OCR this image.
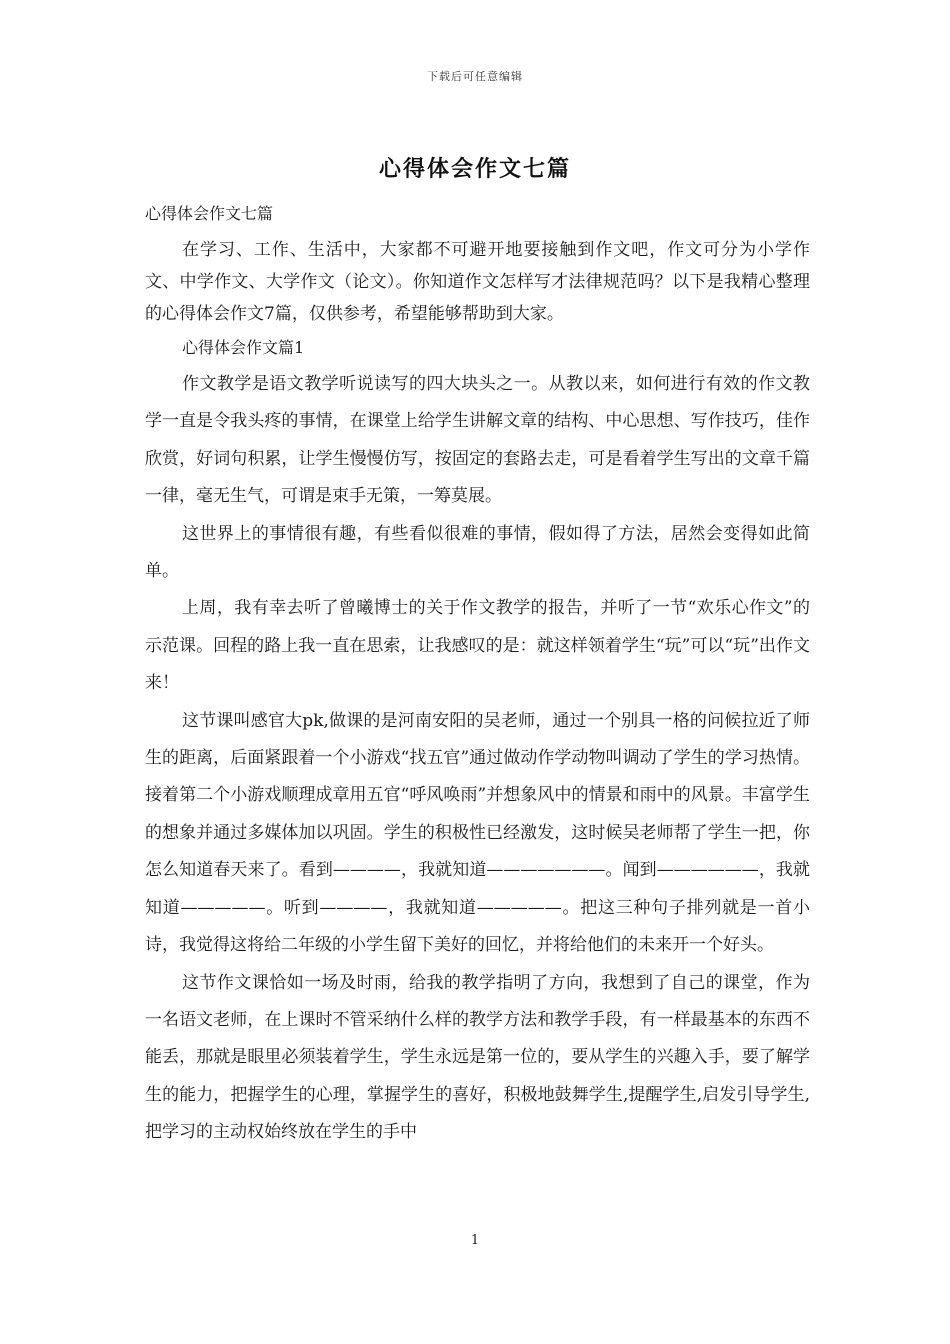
下载后可任意编辑
心得体会作文七篇

心得体会作文七篇

在学习、工作、生活中，大家都不可避开地要接触到作文吧，作文可分为小学作文、中学作文、大学作文（论文）。你知道作文怎样写才法律规范吗？以下是我精心整理的心得体会作文7篇，仅供参考，希望能够帮助到大家。

心得体会作文篇1

作文教学是语文教学听说读写的四大块头之一。从教以来，如何进行有效的作文教学一直是令我头疼的事情，在课堂上给学生讲解文章的结构、中心思想、写作技巧，佳作欣赏，好词句积累，让学生慢慢仿写，按固定的套路去走，可是看着学生写出的文章千篇一律，毫无生气，可谓是束手无策，一筹莫展。

这世界上的事情很有趣，有些看似很难的事情，假如得了方法，居然会变得如此简单。

上周，我有幸去听了曾曦博士的关于作文教学的报告，并听了一节“欢乐心作文”的示范课。回程的路上我一直在思索，让我感叹的是：就这样领着学生“玩”可以“玩”出作文来！

这节课叫感官大pk,做课的是河南安阳的吴老师，通过一个别具一格的问候拉近了师生的距离，后面紧跟着一个小游戏“找五官”通过做动作学动物叫调动了学生的学习热情。接着第二个小游戏顺理成章用五官“呼风唤雨”并想象风中的情景和雨中的风景。丰富学生的想象并通过多媒体加以巩固。学生的积极性已经激发，这时候吴老师帮了学生一把，你怎么知道春天来了。看到————，我就知道———————。闻到——————，我就知道—————。听到————，我就知道—————。把这三种句子排列就是一首小诗，我觉得这将给二年级的小学生留下美好的回忆，并将给他们的未来开一个好头。

这节作文课恰如一场及时雨，给我的教学指明了方向，我想到了自己的课堂，作为一名语文老师，在上课时不管采纳什么样的教学方法和教学手段，有一样最基本的东西不能丢，那就是眼里必须装着学生，学生永远是第一位的，要从学生的兴趣入手，要了解学生的能力，把握学生的心理，掌握学生的喜好，积极地鼓舞学生,提醒学生,启发引导学生,把学习的主动权始终放在学生的手中

1
